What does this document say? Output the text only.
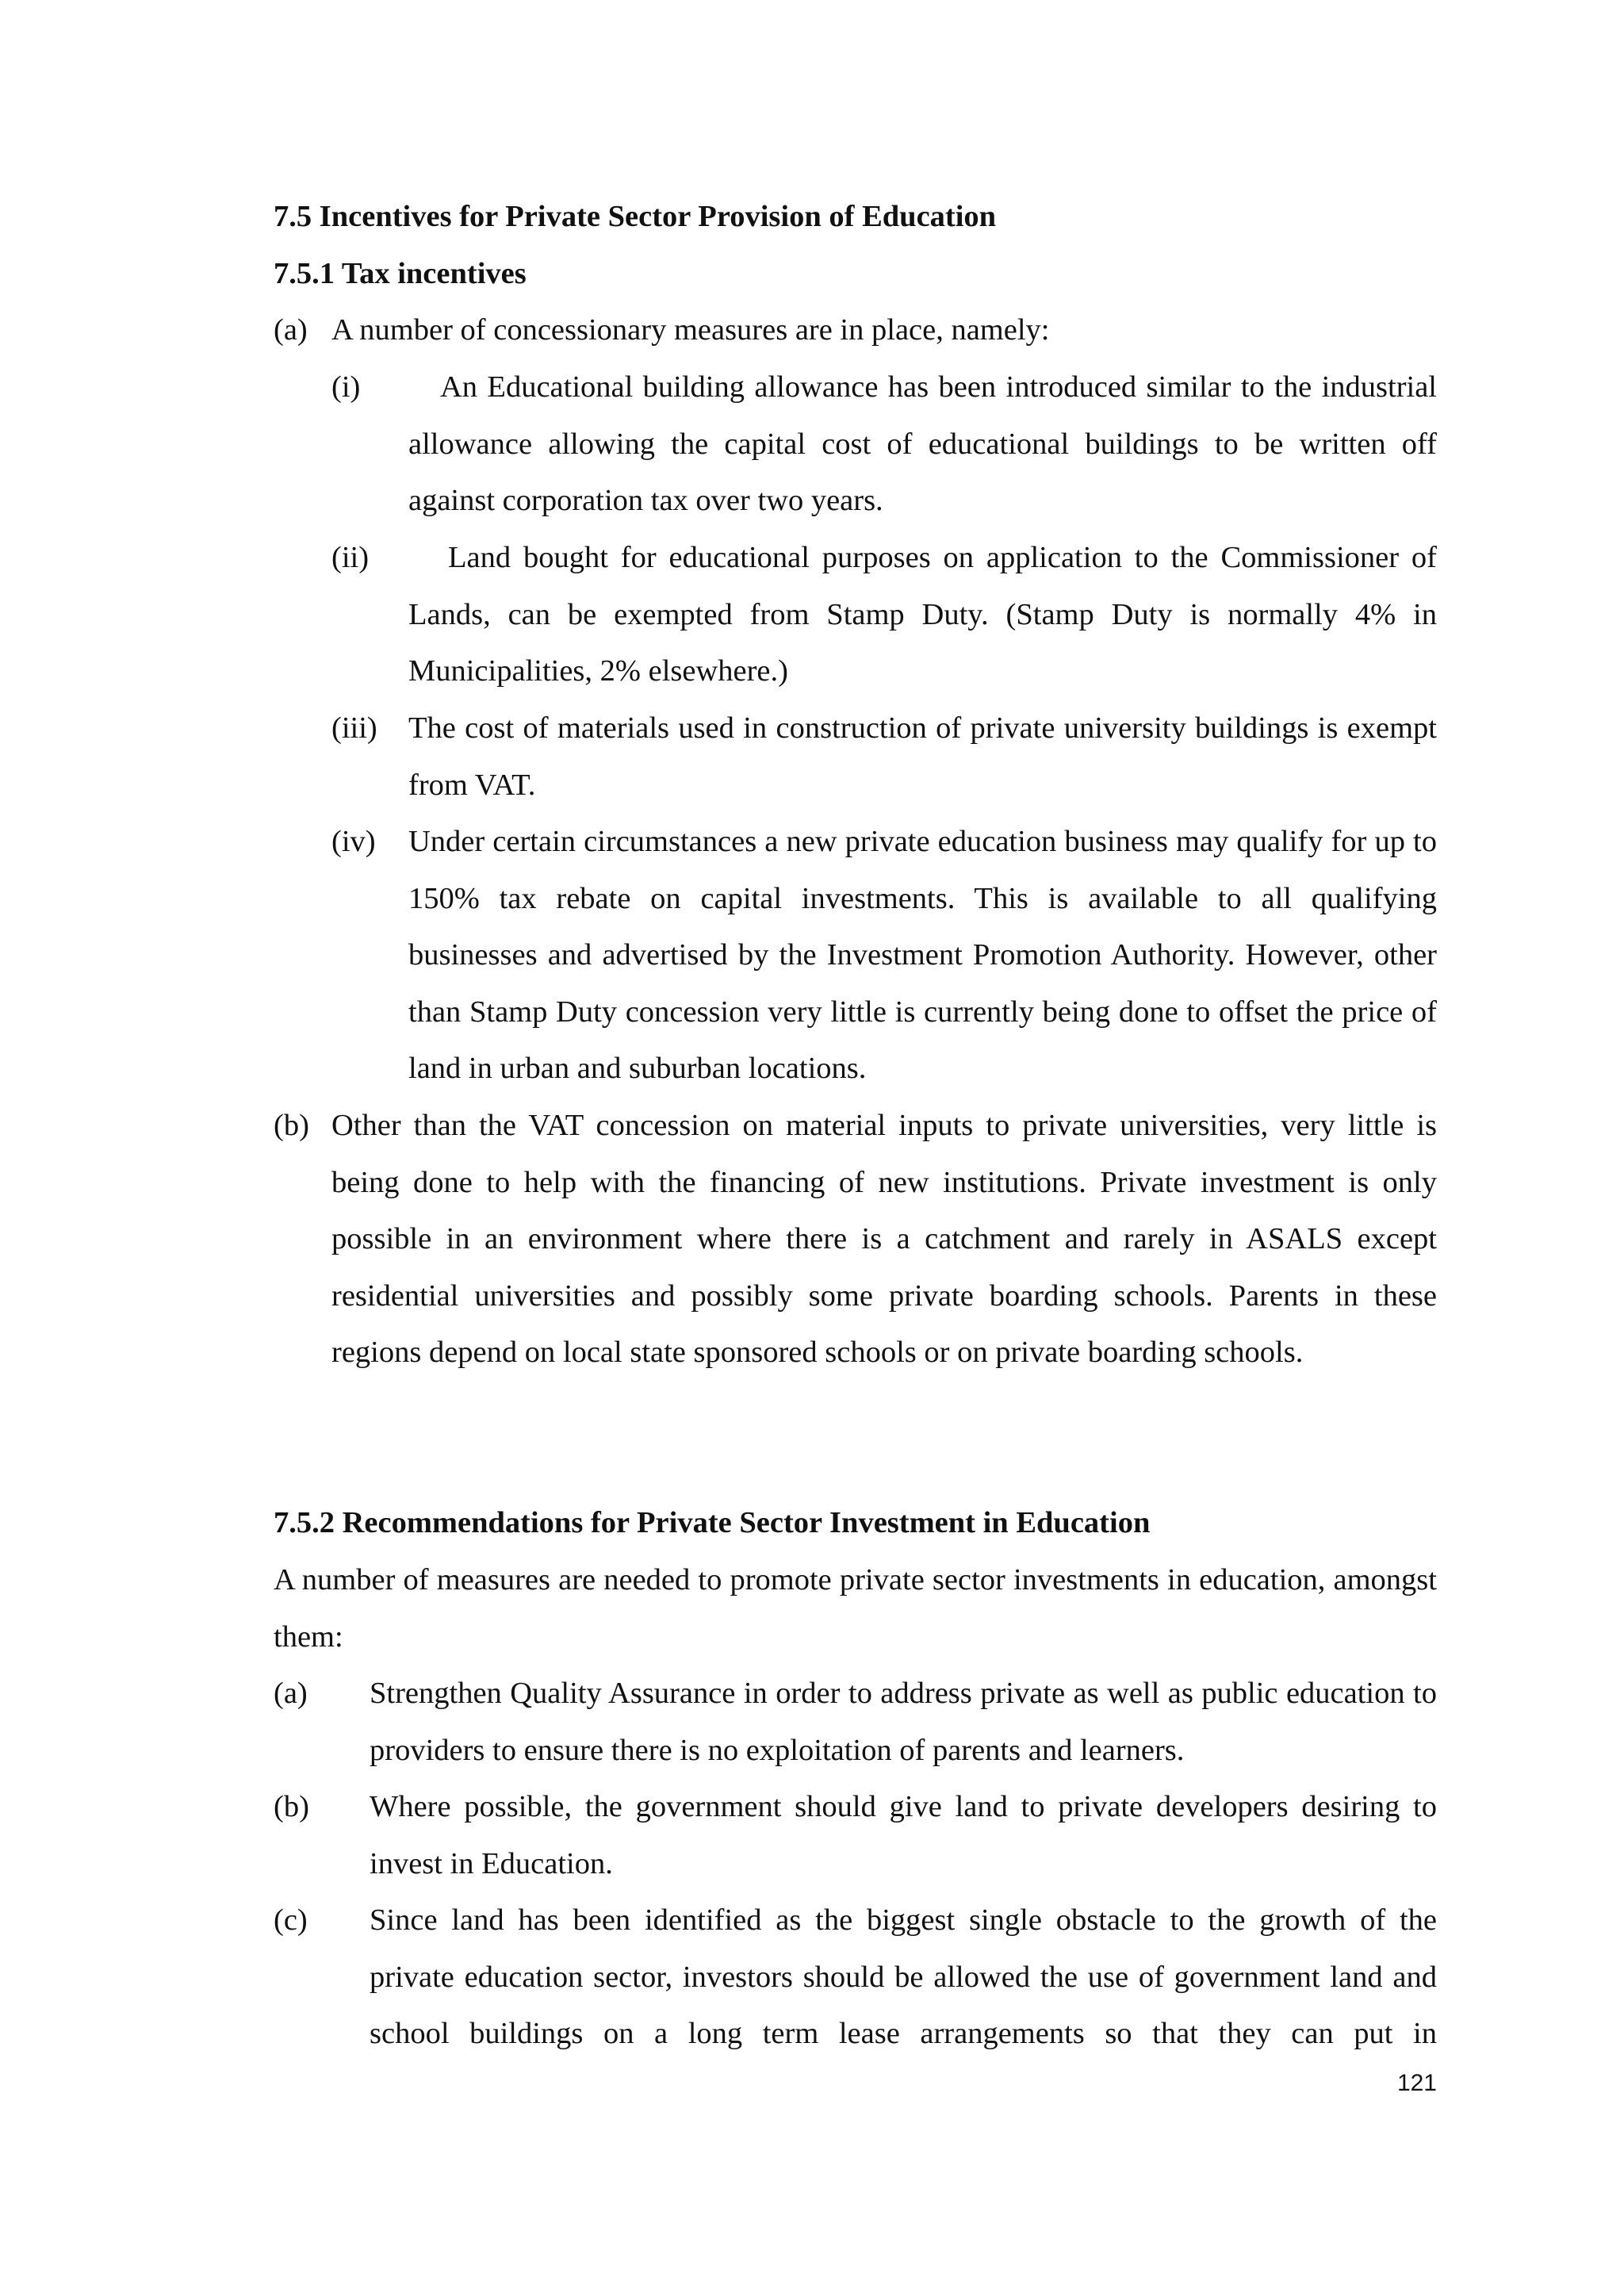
7.5 Incentives for Private Sector Provision of Education
7.5.1 Tax incentives
(a) A number of concessionary measures are in place, namely:
(i)	An Educational building allowance has been introduced similar to the industrial allowance allowing the capital cost of educational buildings to be written off against corporation tax over two years.
(ii)	Land bought for educational purposes on application to the Commissioner of Lands, can be exempted from Stamp Duty. (Stamp Duty is normally 4% in Municipalities, 2% elsewhere.)
(iii) The cost of materials used in construction of private university buildings is exempt from VAT.
(iv) Under certain circumstances a new private education business may qualify for up to 150% tax rebate on capital investments. This is available to all qualifying businesses and advertised by the Investment Promotion Authority. However, other than Stamp Duty concession very little is currently being done to offset the price of land in urban and suburban locations.
(b) Other than the VAT concession on material inputs to private universities, very little is being done to help with the financing of new institutions. Private investment is only possible in an environment where there is a catchment and rarely in ASALS except residential universities and possibly some private boarding schools. Parents in these regions depend on local state sponsored schools or on private boarding schools.
7.5.2 Recommendations for Private Sector Investment in Education
A number of measures are needed to promote private sector investments in education, amongst them:
(a) Strengthen Quality Assurance in order to address private as well as public education to providers to ensure there is no exploitation of parents and learners.
(b) Where possible, the government should give land to private developers desiring to invest in Education.
(c) Since land has been identified as the biggest single obstacle to the growth of the private education sector, investors should be allowed the use of government land and school buildings on a long term lease arrangements so that they can put in
121
